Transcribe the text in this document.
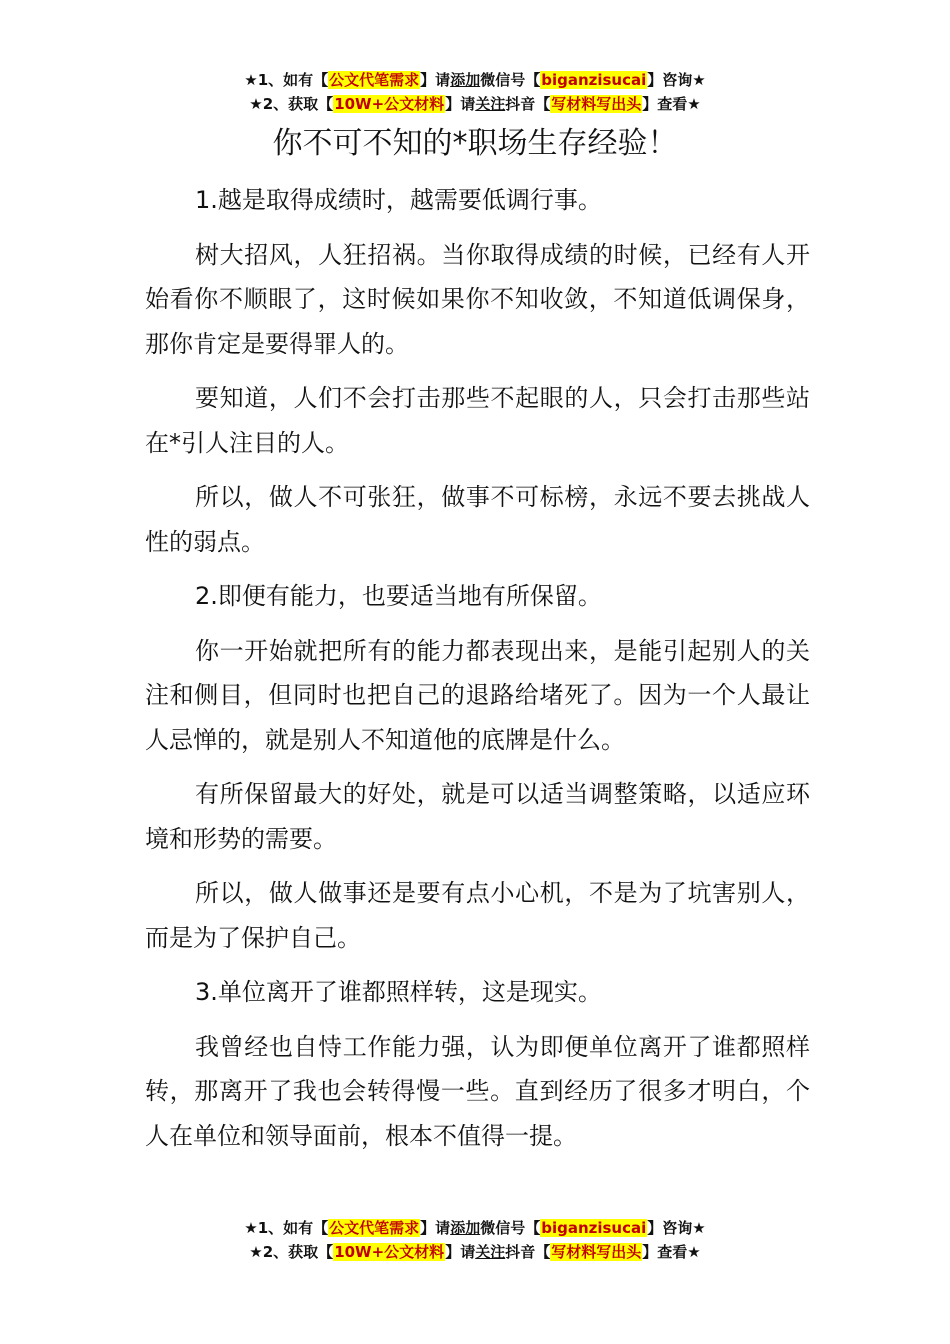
★1、如有【公文代笔需求】请添加微信号【biganzisucai】咨询★
★2、获取【10W+公文材料】请关注抖音【写材料写出头】查看★
你不可不知的*职场生存经验！

1.越是取得成绩时，越需要低调行事。

树大招风，人狂招祸。当你取得成绩的时候，已经有人开始看你不顺眼了，这时候如果你不知收敛，不知道低调保身，那你肯定是要得罪人的。

要知道，人们不会打击那些不起眼的人，只会打击那些站在*引人注目的人。

所以，做人不可张狂，做事不可标榜，永远不要去挑战人性的弱点。

2.即便有能力，也要适当地有所保留。

你一开始就把所有的能力都表现出来，是能引起别人的关注和侧目，但同时也把自己的退路给堵死了。因为一个人最让人忌惮的，就是别人不知道他的底牌是什么。

有所保留最大的好处，就是可以适当调整策略，以适应环境和形势的需要。

所以，做人做事还是要有点小心机，不是为了坑害别人，而是为了保护自己。

3.单位离开了谁都照样转，这是现实。

我曾经也自恃工作能力强，认为即便单位离开了谁都照样转，那离开了我也会转得慢一些。直到经历了很多才明白，个人在单位和领导面前，根本不值得一提。

★1、如有【公文代笔需求】请添加微信号【biganzisucai】咨询★
★2、获取【10W+公文材料】请关注抖音【写材料写出头】查看★
